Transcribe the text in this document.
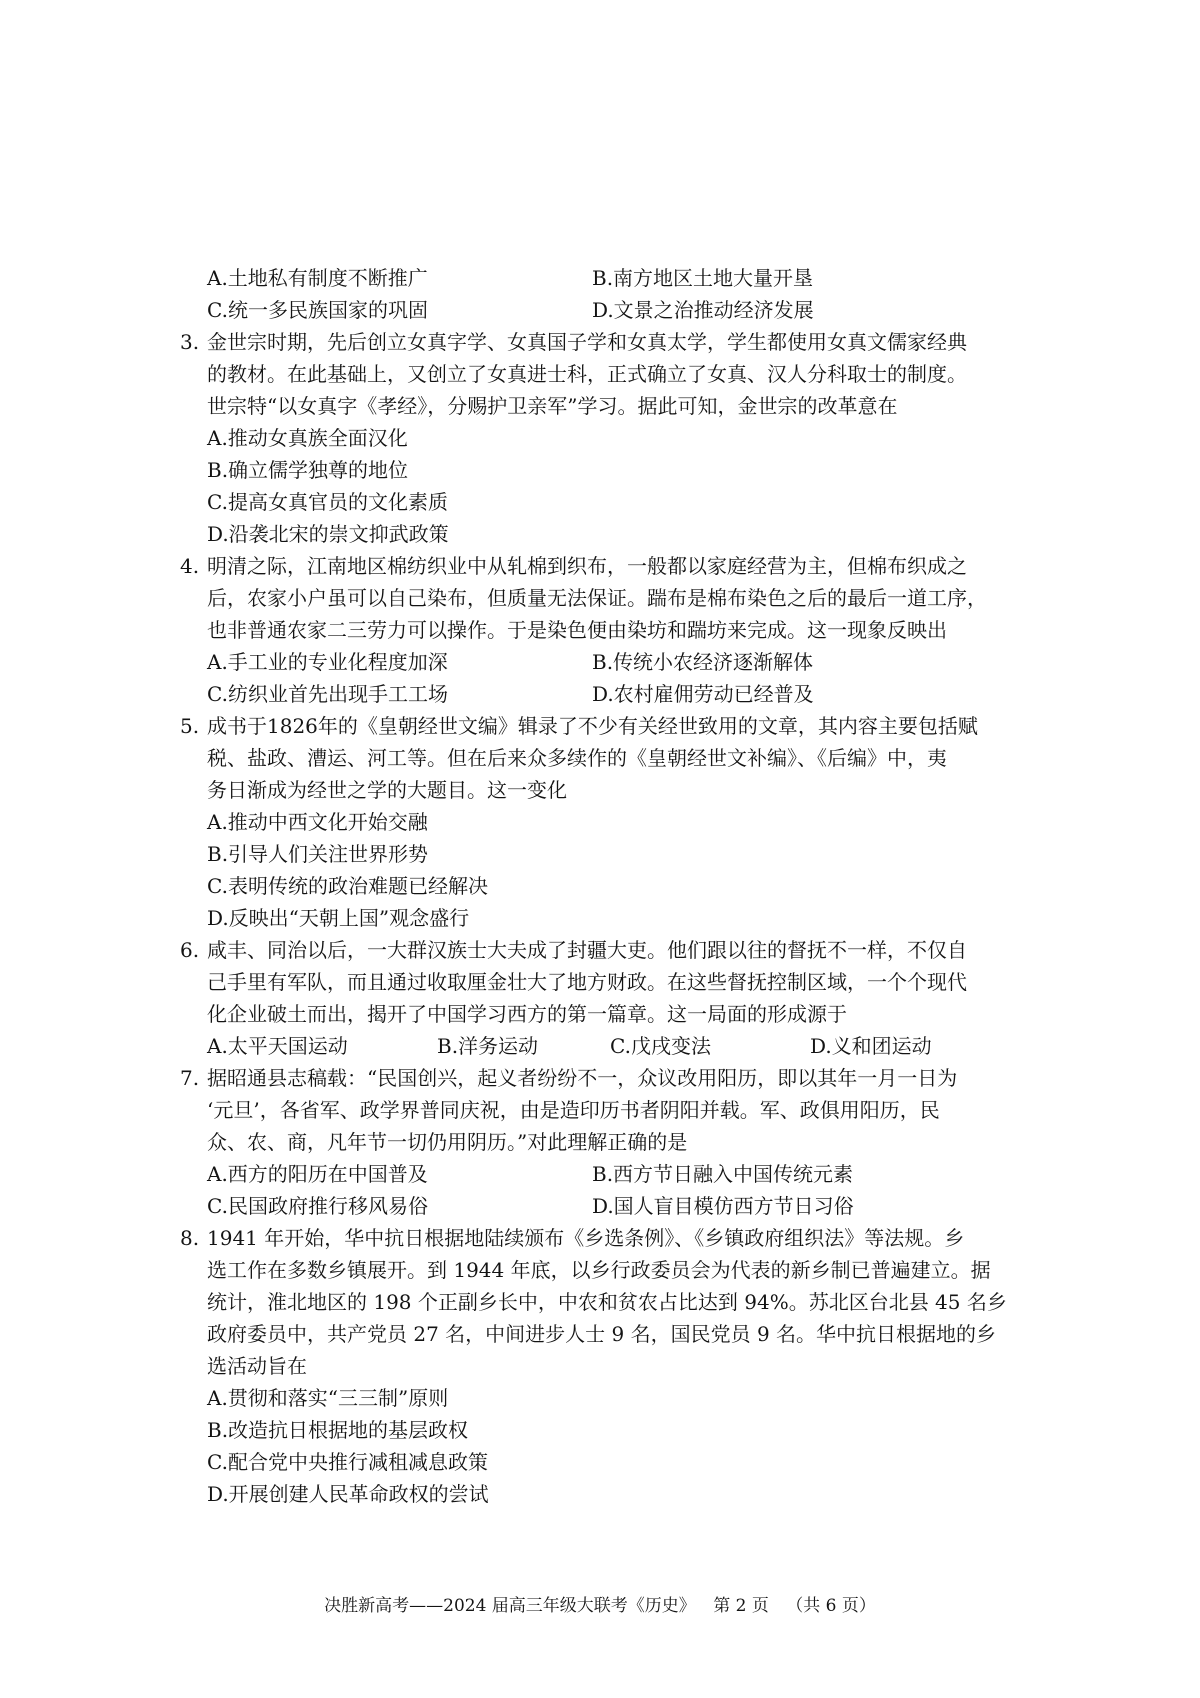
A.土地私有制度不断推广	B.南方地区土地大量开垦
C.统一多民族国家的巩固	D.文景之治推动经济发展
3. 金世宗时期，先后创立女真字学、女真国子学和女真太学，学生都使用女真文儒家经典
的教材。在此基础上，又创立了女真进士科，正式确立了女真、汉人分科取士的制度。
世宗特“以女真字《孝经》，分赐护卫亲军”学习。据此可知，金世宗的改革意在
A.推动女真族全面汉化
B.确立儒学独尊的地位
C.提高女真官员的文化素质
D.沿袭北宋的崇文抑武政策
4. 明清之际，江南地区棉纺织业中从轧棉到织布，一般都以家庭经营为主，但棉布织成之
后，农家小户虽可以自己染布，但质量无法保证。踹布是棉布染色之后的最后一道工序，
也非普通农家二三劳力可以操作。于是染色便由染坊和踹坊来完成。这一现象反映出
A.手工业的专业化程度加深	B.传统小农经济逐渐解体
C.纺织业首先出现手工工场	D.农村雇佣劳动已经普及
5. 成书于1826年的《皇朝经世文编》辑录了不少有关经世致用的文章，其内容主要包括赋
税、盐政、漕运、河工等。但在后来众多续作的《皇朝经世文补编》、《后编》中，夷
务日渐成为经世之学的大题目。这一变化
A.推动中西文化开始交融
B.引导人们关注世界形势
C.表明传统的政治难题已经解决
D.反映出“天朝上国”观念盛行
6. 咸丰、同治以后，一大群汉族士大夫成了封疆大吏。他们跟以往的督抚不一样，不仅自
己手里有军队，而且通过收取厘金壮大了地方财政。在这些督抚控制区域，一个个现代
化企业破土而出，揭开了中国学习西方的第一篇章。这一局面的形成源于
A.太平天国运动	B.洋务运动	C.戊戌变法	D.义和团运动
7. 据昭通县志稿载：“民国创兴，起义者纷纷不一，众议改用阳历，即以其年一月一日为
‘元旦’，各省军、政学界普同庆祝，由是造印历书者阴阳并载。军、政俱用阳历，民
众、农、商，凡年节一切仍用阴历。”对此理解正确的是
A.西方的阳历在中国普及	B.西方节日融入中国传统元素
C.民国政府推行移风易俗	D.国人盲目模仿西方节日习俗
8. 1941 年开始，华中抗日根据地陆续颁布《乡选条例》、《乡镇政府组织法》等法规。乡
选工作在多数乡镇展开。到 1944 年底，以乡行政委员会为代表的新乡制已普遍建立。据
统计，淮北地区的 198 个正副乡长中，中农和贫农占比达到 94%。苏北区台北县 45 名乡
政府委员中，共产党员 27 名，中间进步人士 9 名，国民党员 9 名。华中抗日根据地的乡
选活动旨在
A.贯彻和落实“三三制”原则
B.改造抗日根据地的基层政权
C.配合党中央推行减租减息政策
D.开展创建人民革命政权的尝试
决胜新高考——2024 届高三年级大联考《历史》 第 2 页 （共 6 页）
